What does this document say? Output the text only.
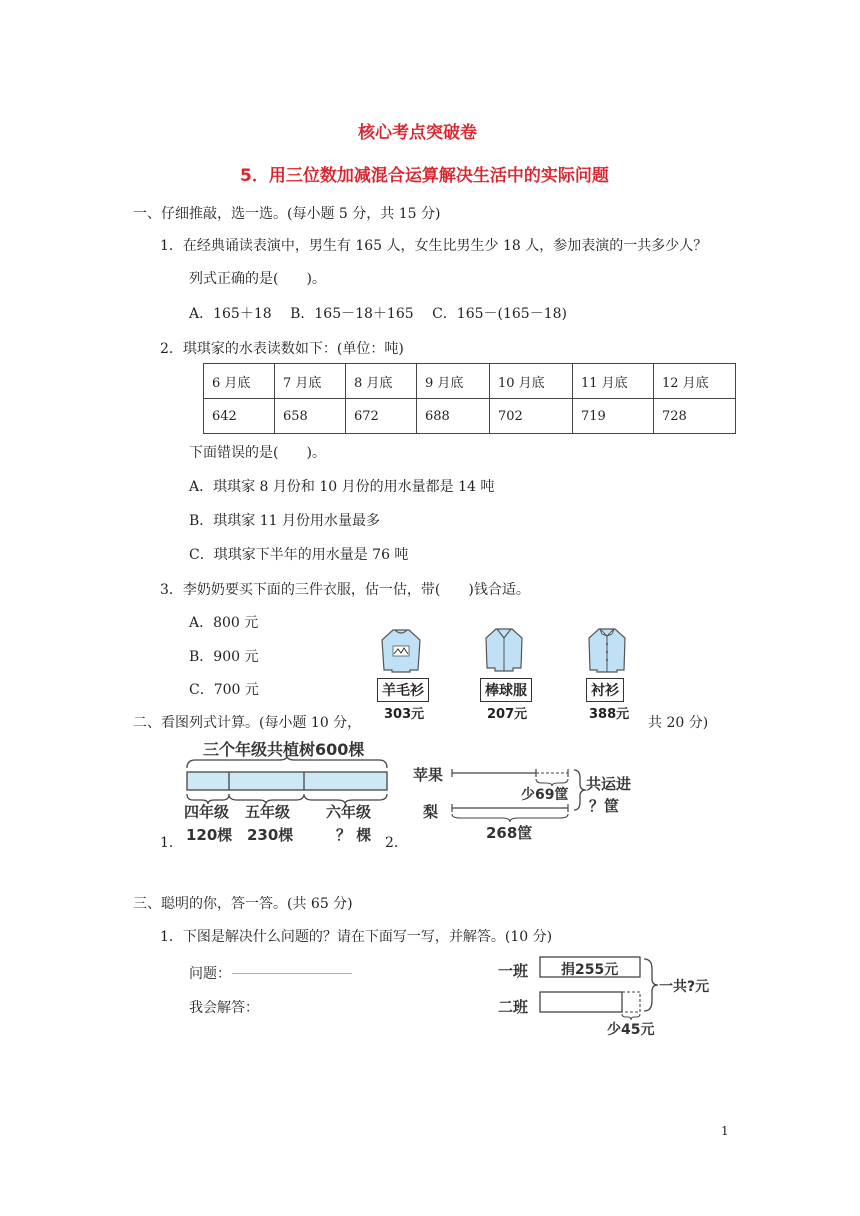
核心考点突破卷
5．用三位数加减混合运算解决生活中的实际问题
一、仔细推敲，选一选。(每小题 5 分，共 15 分)
1．在经典诵读表演中，男生有 165 人，女生比男生少 18 人，参加表演的一共多少人？
列式正确的是(　　)。
A．165＋18　 B．165－18＋165　 C．165－(165－18)
2．琪琪家的水表读数如下：(单位：吨)
6 月底	7 月底	8 月底	9 月底	10 月底	11 月底	12 月底
642	658	672	688	702	719	728
下面错误的是(　　)。
A．琪琪家 8 月份和 10 月份的用水量都是 14 吨
B．琪琪家 11 月份用水量最多
C．琪琪家下半年的用水量是 76 吨
3．李奶奶要买下面的三件衣服，估一估，带(　　)钱合适。
A．800 元
B．900 元
C．700 元	羊毛衫	棒球服	衬衫
303元	207元	388元
二、看图列式计算。(每小题 10 分，	共 20 分)
三个年级共植树600棵
四年级 五年级 六年级
120棵 230棵	？ 棵
1．	2．
苹果
梨
少69筐
共运进
？筐
268筐
三、聪明的你，答一答。(共 65 分)
1．下图是解决什么问题的？请在下面写一写，并解答。(10 分)
问题： ____________________
我会解答：
一班
二班
捐255元
一共?元
少45元
1
